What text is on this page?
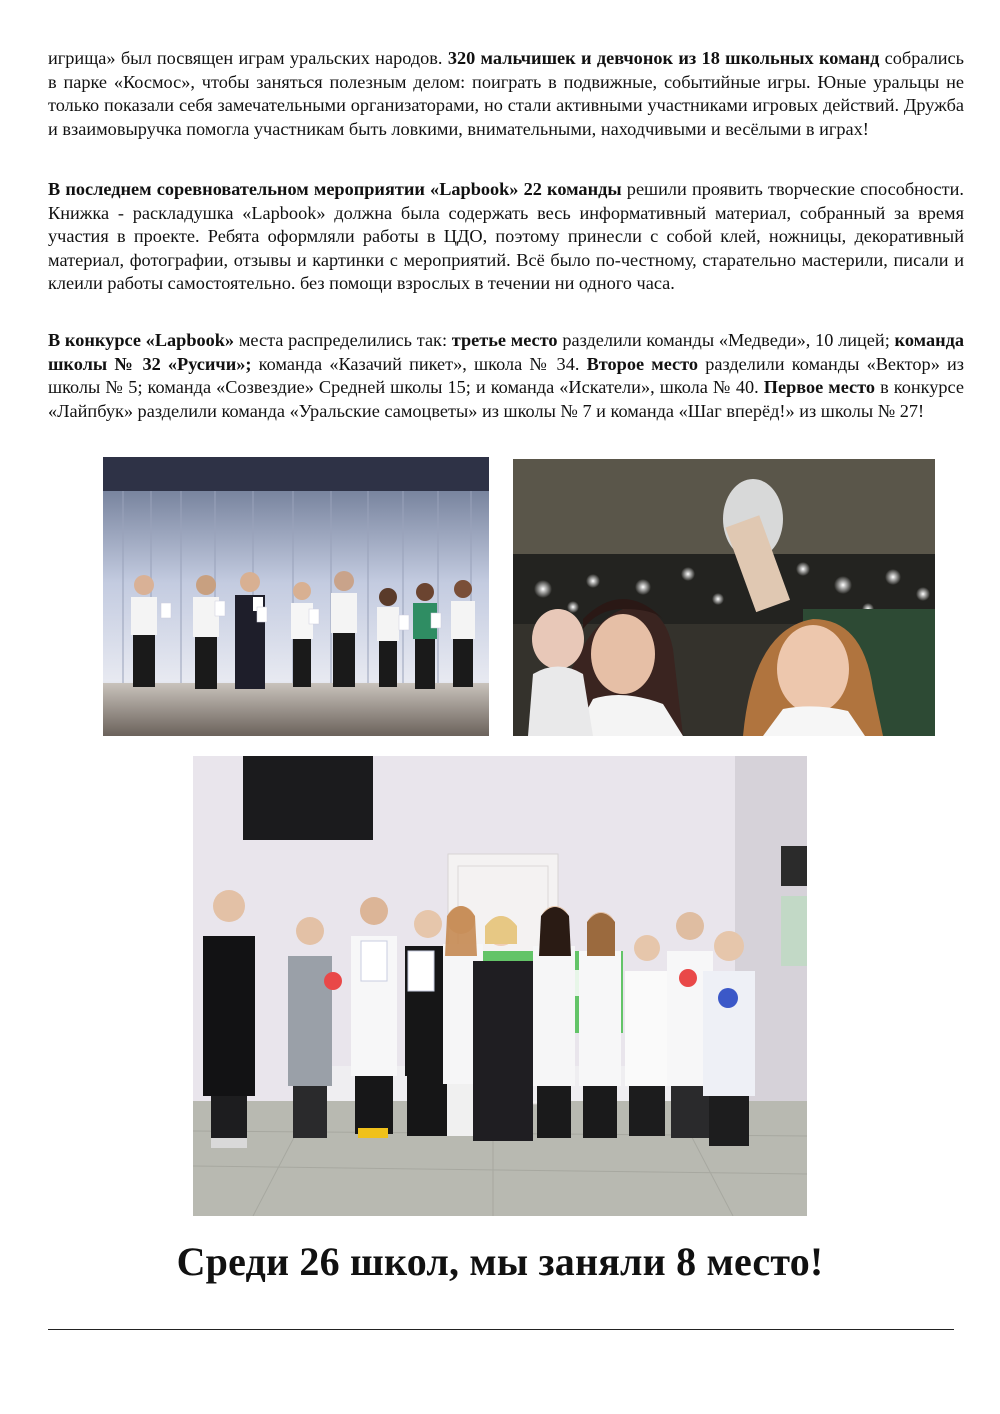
игрища» был посвящен играм уральских народов. 320 мальчишек и девчонок из 18 школьных команд собрались в парке «Космос», чтобы заняться полезным делом: поиграть в подвижные, событийные игры. Юные уральцы не только показали себя замечательными организаторами, но стали активными участниками игровых действий. Дружба и взаимовыручка помогла участникам быть ловкими, внимательными, находчивыми и весёлыми в играх!

В последнем соревновательном мероприятии «Lapbook» 22 команды решили проявить творческие способности. Книжка - раскладушка «Lapbook» должна была содержать весь информативный материал, собранный за время участия в проекте. Ребята оформляли работы в ЦДО, поэтому принесли с собой клей, ножницы, декоративный материал, фотографии, отзывы и картинки с мероприятий. Всё было по-честному, старательно мастерили, писали и клеили работы самостоятельно. без помощи взрослых в течении ни одного часа.

В конкурсе «Lapbook» места распределились так: третье место разделили команды «Медведи», 10 лицей; команда школы № 32 «Русичи»; команда «Казачий пикет», школа № 34. Второе место разделили команды «Вектор» из школы № 5; команда «Созвездие» Средней школы 15; и команда «Искатели», школа № 40. Первое место в конкурсе «Лайпбук» разделили команда «Уральские самоцветы» из школы № 7 и команда «Шаг вперёд!» из школы № 27!

Среди 26 школ, мы заняли 8 место!
